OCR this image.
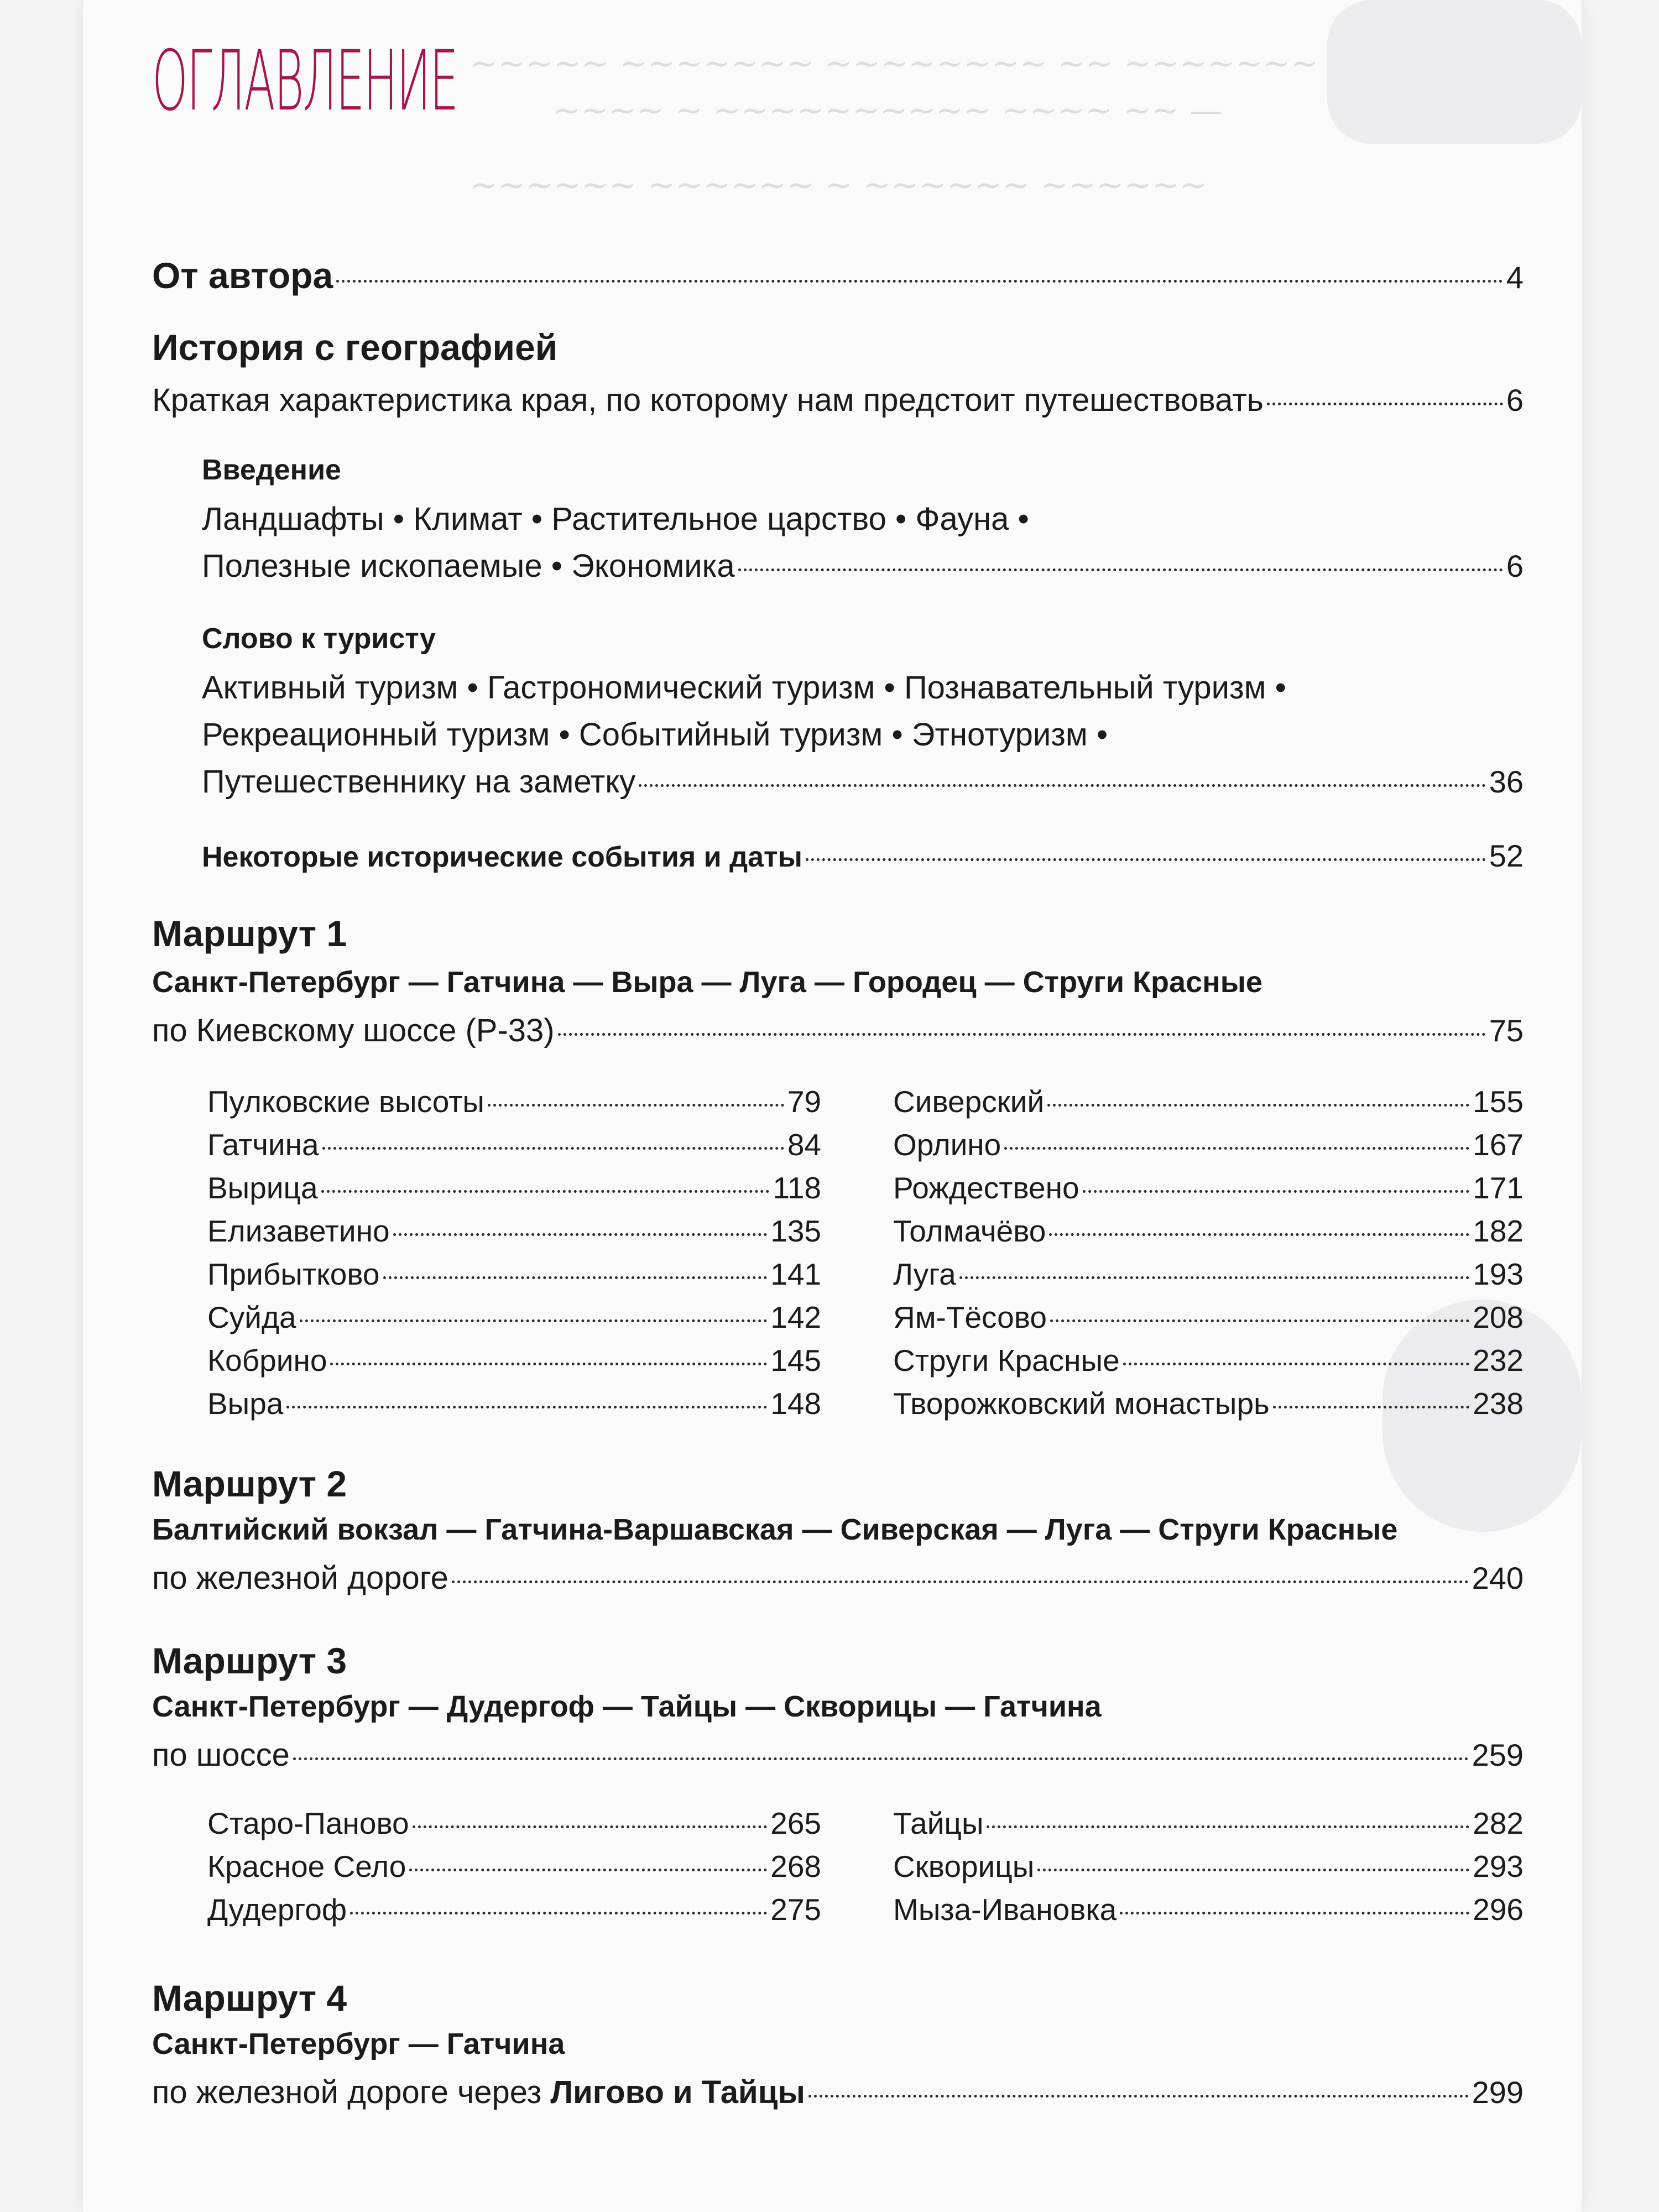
~~~~~ ~~~~~~~ ~~~~~~~~ ~~ ~~~~~~~
~~~~ ~ ~~~~~~~~~~ ~~~~ ~~ —
~~~~~~ ~~~~~~ ~ ~~~~~~ ~~~~~~
ОГЛАВЛЕНИЕ
От автора	4
История с географией
Краткая характеристика края, по которому нам предстоит путешествовать	6
Введение
Ландшафты • Климат • Растительное царство • Фауна •
Полезные ископаемые • Экономика	6
Слово к туристу
Активный туризм • Гастрономический туризм • Познавательный туризм •
Рекреационный туризм • Событийный туризм • Этнотуризм •
Путешественнику на заметку	36
Некоторые исторические события и даты	52
Маршрут 1
Санкт-Петербург — Гатчина — Выра — Луга — Городец — Струги Красные
по Киевскому шоссе (Р-33)	75
Пулковские высоты	79
Гатчина	84
Вырица	118
Елизаветино	135
Прибытково	141
Суйда	142
Кобрино	145
Выра	148
Сиверский	155
Орлино	167
Рождествено	171
Толмачёво	182
Луга	193
Ям-Тёсово	208
Струги Красные	232
Творожковский монастырь	238
Маршрут 2
Балтийский вокзал — Гатчина-Варшавская — Сиверская — Луга — Струги Красные
по железной дороге	240
Маршрут 3
Санкт-Петербург — Дудергоф — Тайцы — Скворицы — Гатчина
по шоссе	259
Старо-Паново	265
Красное Село	268
Дудергоф	275
Тайцы	282
Скворицы	293
Мыза-Ивановка	296
Маршрут 4
Санкт-Петербург — Гатчина
по железной дороге через Лигово и Тайцы	299
